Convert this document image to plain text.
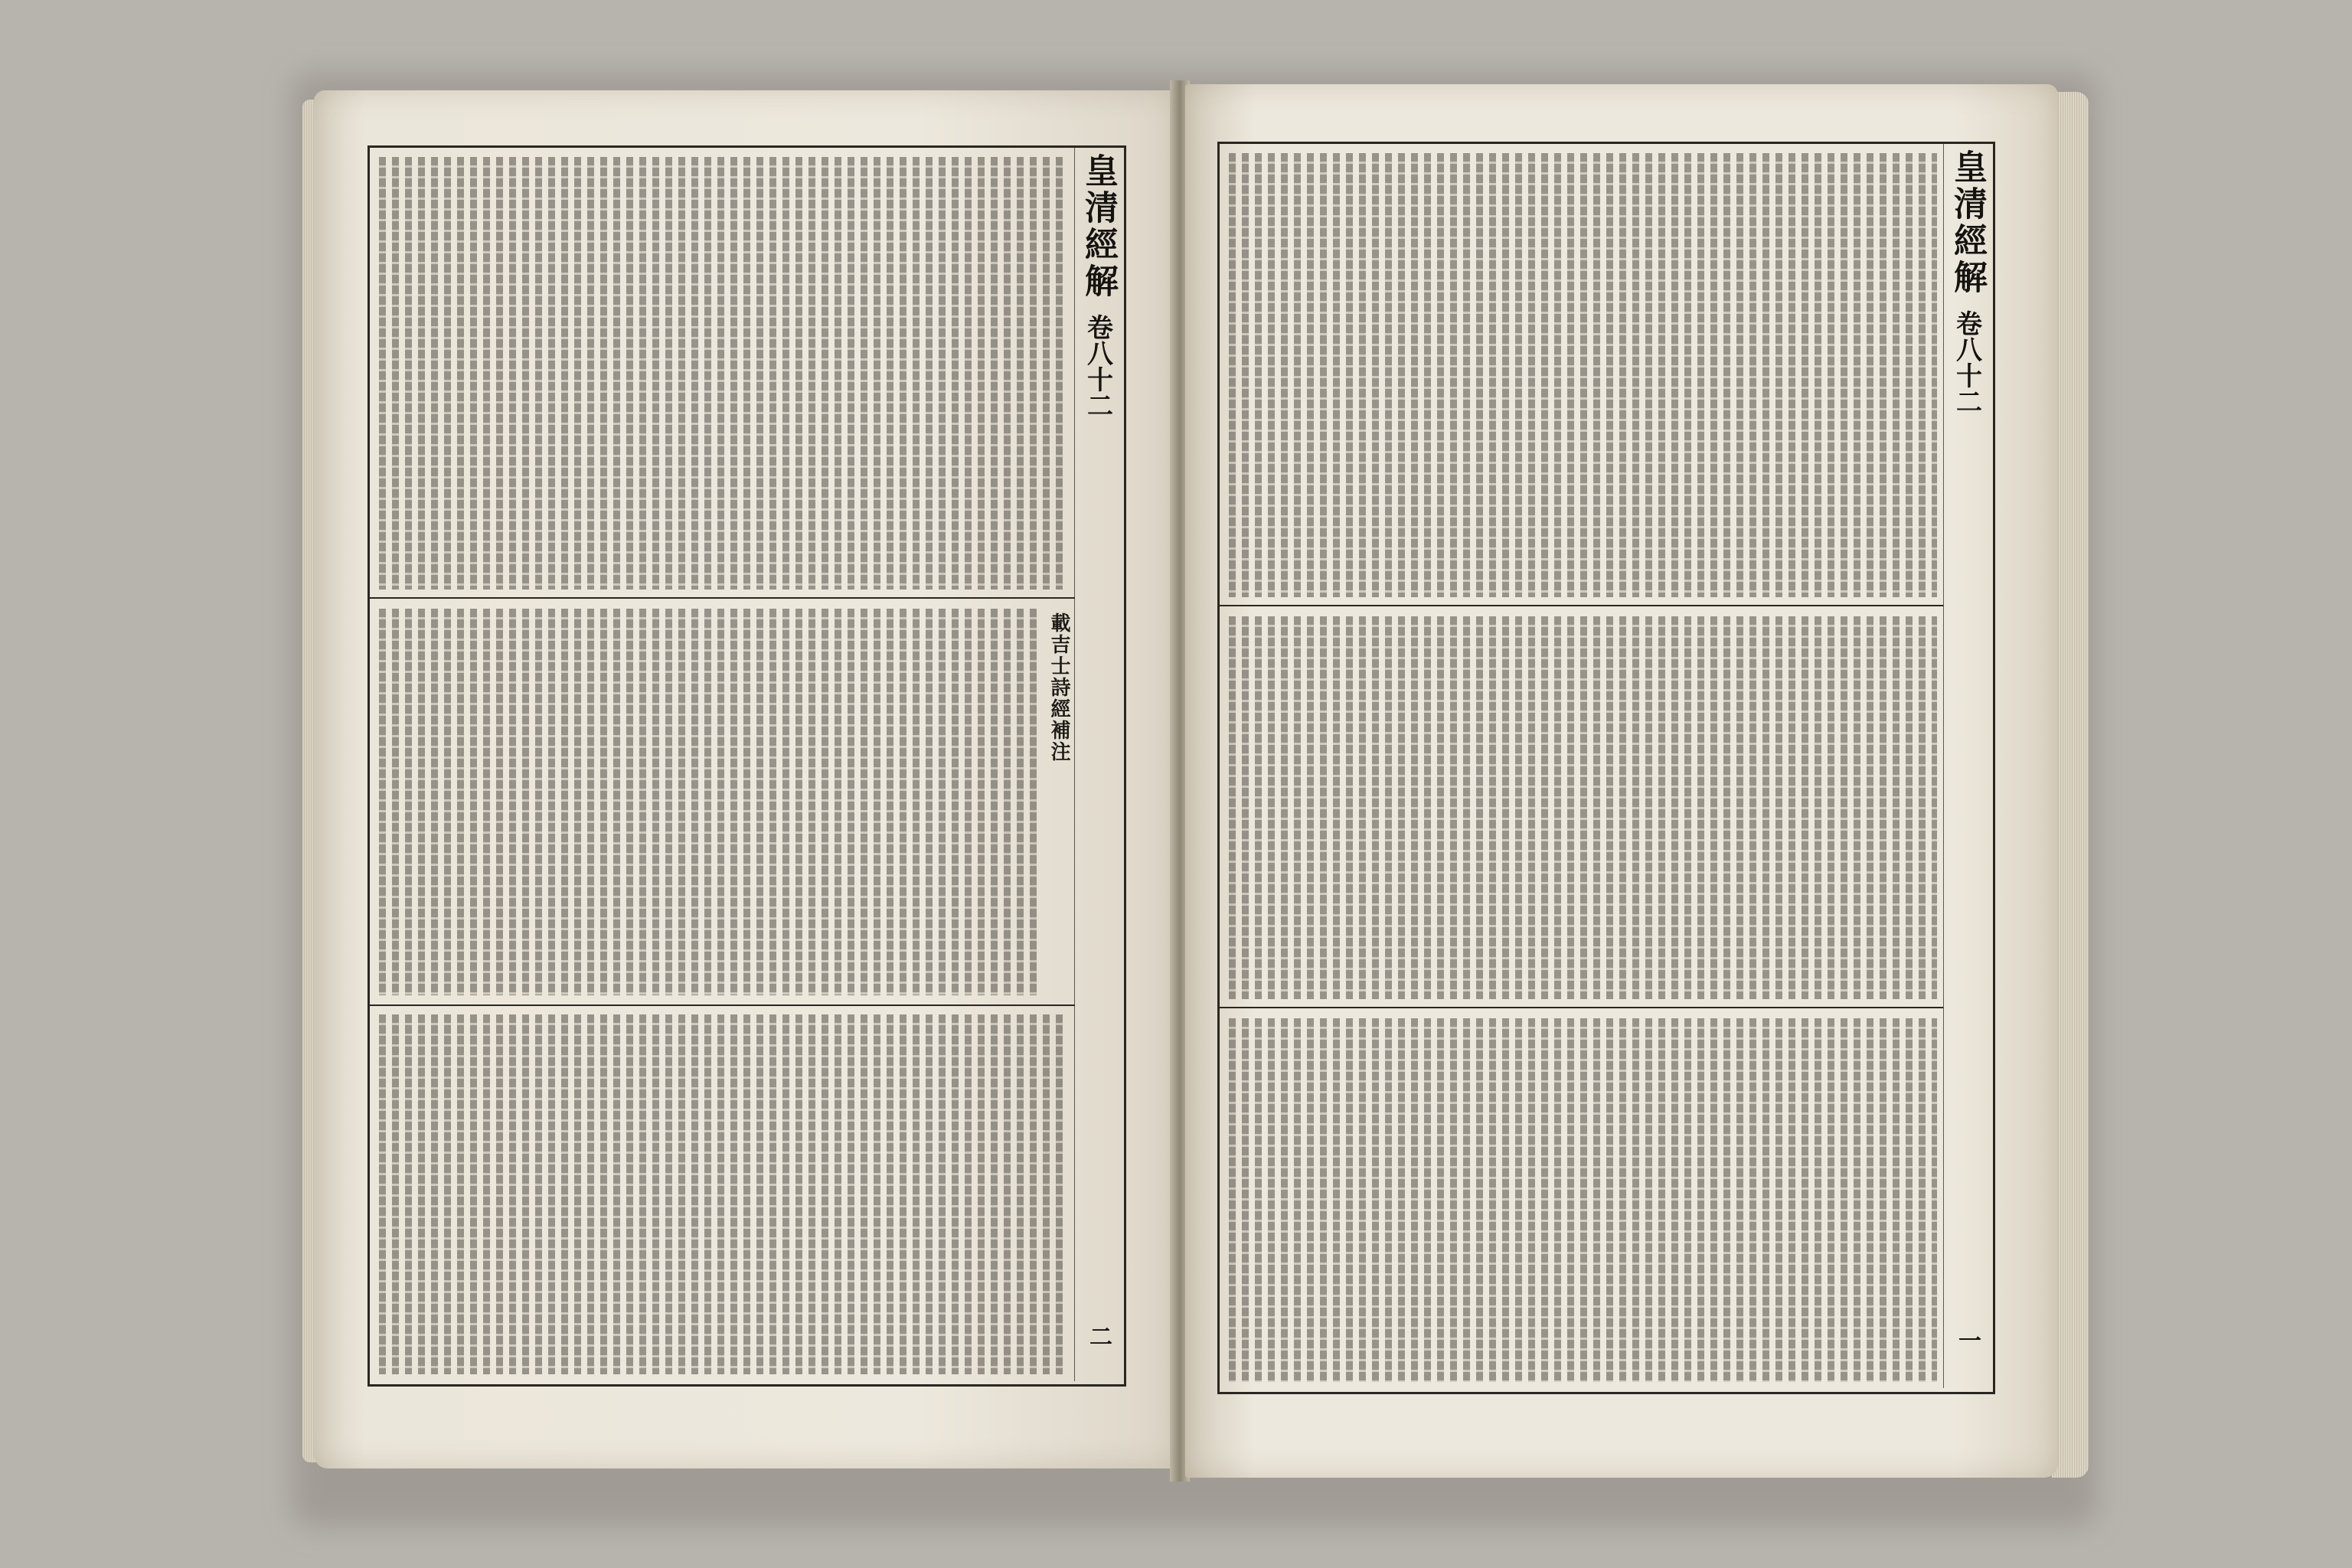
皇清經解
卷八十二
二
載吉士詩經補注
皇清經解
卷八十二
一
